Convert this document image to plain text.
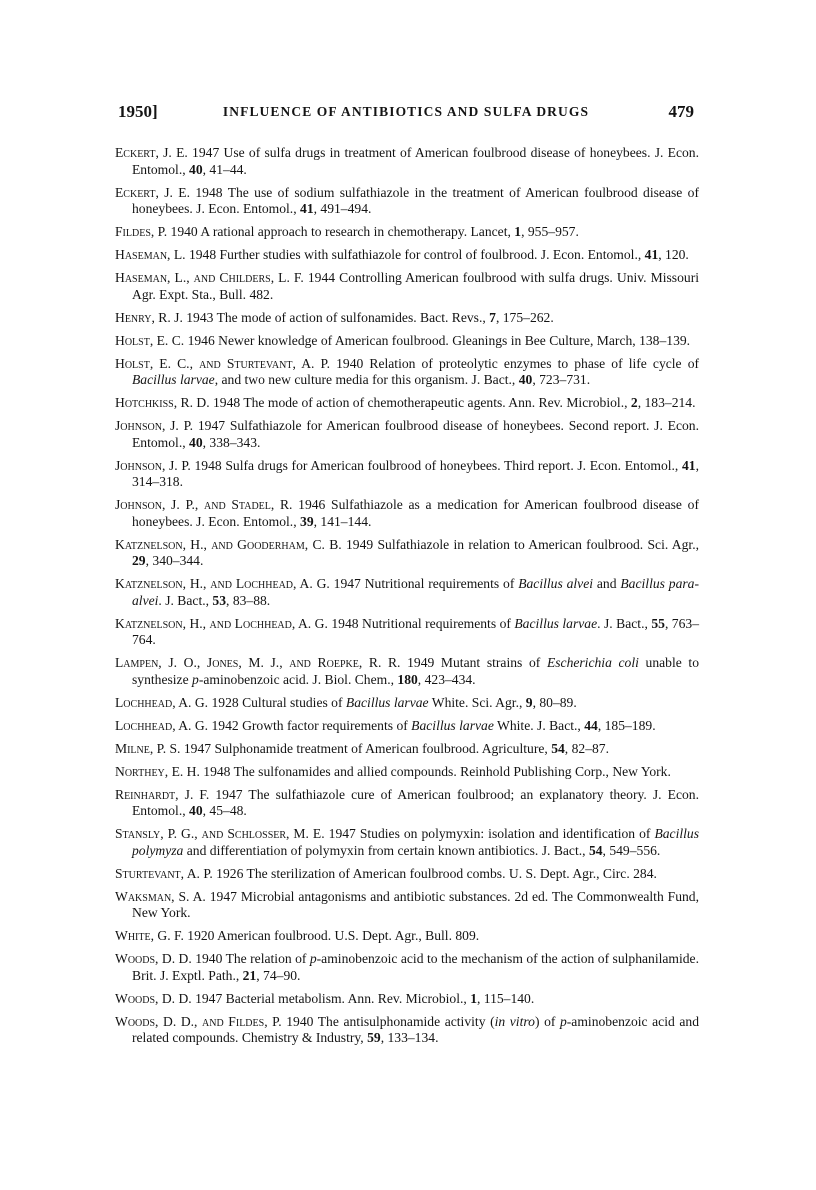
1950]	INFLUENCE OF ANTIBIOTICS AND SULFA DRUGS	479
Eckert, J. E. 1947 Use of sulfa drugs in treatment of American foulbrood disease of honeybees. J. Econ. Entomol., 40, 41–44.
Eckert, J. E. 1948 The use of sodium sulfathiazole in the treatment of American foulbrood disease of honeybees. J. Econ. Entomol., 41, 491–494.
Fildes, P. 1940 A rational approach to research in chemotherapy. Lancet, 1, 955–957.
Haseman, L. 1948 Further studies with sulfathiazole for control of foulbrood. J. Econ. Entomol., 41, 120.
Haseman, L., and Childers, L. F. 1944 Controlling American foulbrood with sulfa drugs. Univ. Missouri Agr. Expt. Sta., Bull. 482.
Henry, R. J. 1943 The mode of action of sulfonamides. Bact. Revs., 7, 175–262.
Holst, E. C. 1946 Newer knowledge of American foulbrood. Gleanings in Bee Culture, March, 138–139.
Holst, E. C., and Sturtevant, A. P. 1940 Relation of proteolytic enzymes to phase of life cycle of Bacillus larvae, and two new culture media for this organism. J. Bact., 40, 723–731.
Hotchkiss, R. D. 1948 The mode of action of chemotherapeutic agents. Ann. Rev. Microbiol., 2, 183–214.
Johnson, J. P. 1947 Sulfathiazole for American foulbrood disease of honeybees. Second report. J. Econ. Entomol., 40, 338–343.
Johnson, J. P. 1948 Sulfa drugs for American foulbrood of honeybees. Third report. J. Econ. Entomol., 41, 314–318.
Johnson, J. P., and Stadel, R. 1946 Sulfathiazole as a medication for American foulbrood disease of honeybees. J. Econ. Entomol., 39, 141–144.
Katznelson, H., and Gooderham, C. B. 1949 Sulfathiazole in relation to American foulbrood. Sci. Agr., 29, 340–344.
Katznelson, H., and Lochhead, A. G. 1947 Nutritional requirements of Bacillus alvei and Bacillus para-alvei. J. Bact., 53, 83–88.
Katznelson, H., and Lochhead, A. G. 1948 Nutritional requirements of Bacillus larvae. J. Bact., 55, 763–764.
Lampen, J. O., Jones, M. J., and Roepke, R. R. 1949 Mutant strains of Escherichia coli unable to synthesize p-aminobenzoic acid. J. Biol. Chem., 180, 423–434.
Lochhead, A. G. 1928 Cultural studies of Bacillus larvae White. Sci. Agr., 9, 80–89.
Lochhead, A. G. 1942 Growth factor requirements of Bacillus larvae White. J. Bact., 44, 185–189.
Milne, P. S. 1947 Sulphonamide treatment of American foulbrood. Agriculture, 54, 82–87.
Northey, E. H. 1948 The sulfonamides and allied compounds. Reinhold Publishing Corp., New York.
Reinhardt, J. F. 1947 The sulfathiazole cure of American foulbrood; an explanatory theory. J. Econ. Entomol., 40, 45–48.
Stansly, P. G., and Schlosser, M. E. 1947 Studies on polymyxin: isolation and identification of Bacillus polymyza and differentiation of polymyxin from certain known antibiotics. J. Bact., 54, 549–556.
Sturtevant, A. P. 1926 The sterilization of American foulbrood combs. U. S. Dept. Agr., Circ. 284.
Waksman, S. A. 1947 Microbial antagonisms and antibiotic substances. 2d ed. The Commonwealth Fund, New York.
White, G. F. 1920 American foulbrood. U.S. Dept. Agr., Bull. 809.
Woods, D. D. 1940 The relation of p-aminobenzoic acid to the mechanism of the action of sulphanilamide. Brit. J. Exptl. Path., 21, 74–90.
Woods, D. D. 1947 Bacterial metabolism. Ann. Rev. Microbiol., 1, 115–140.
Woods, D. D., and Fildes, P. 1940 The antisulphonamide activity (in vitro) of p-aminobenzoic acid and related compounds. Chemistry & Industry, 59, 133–134.
